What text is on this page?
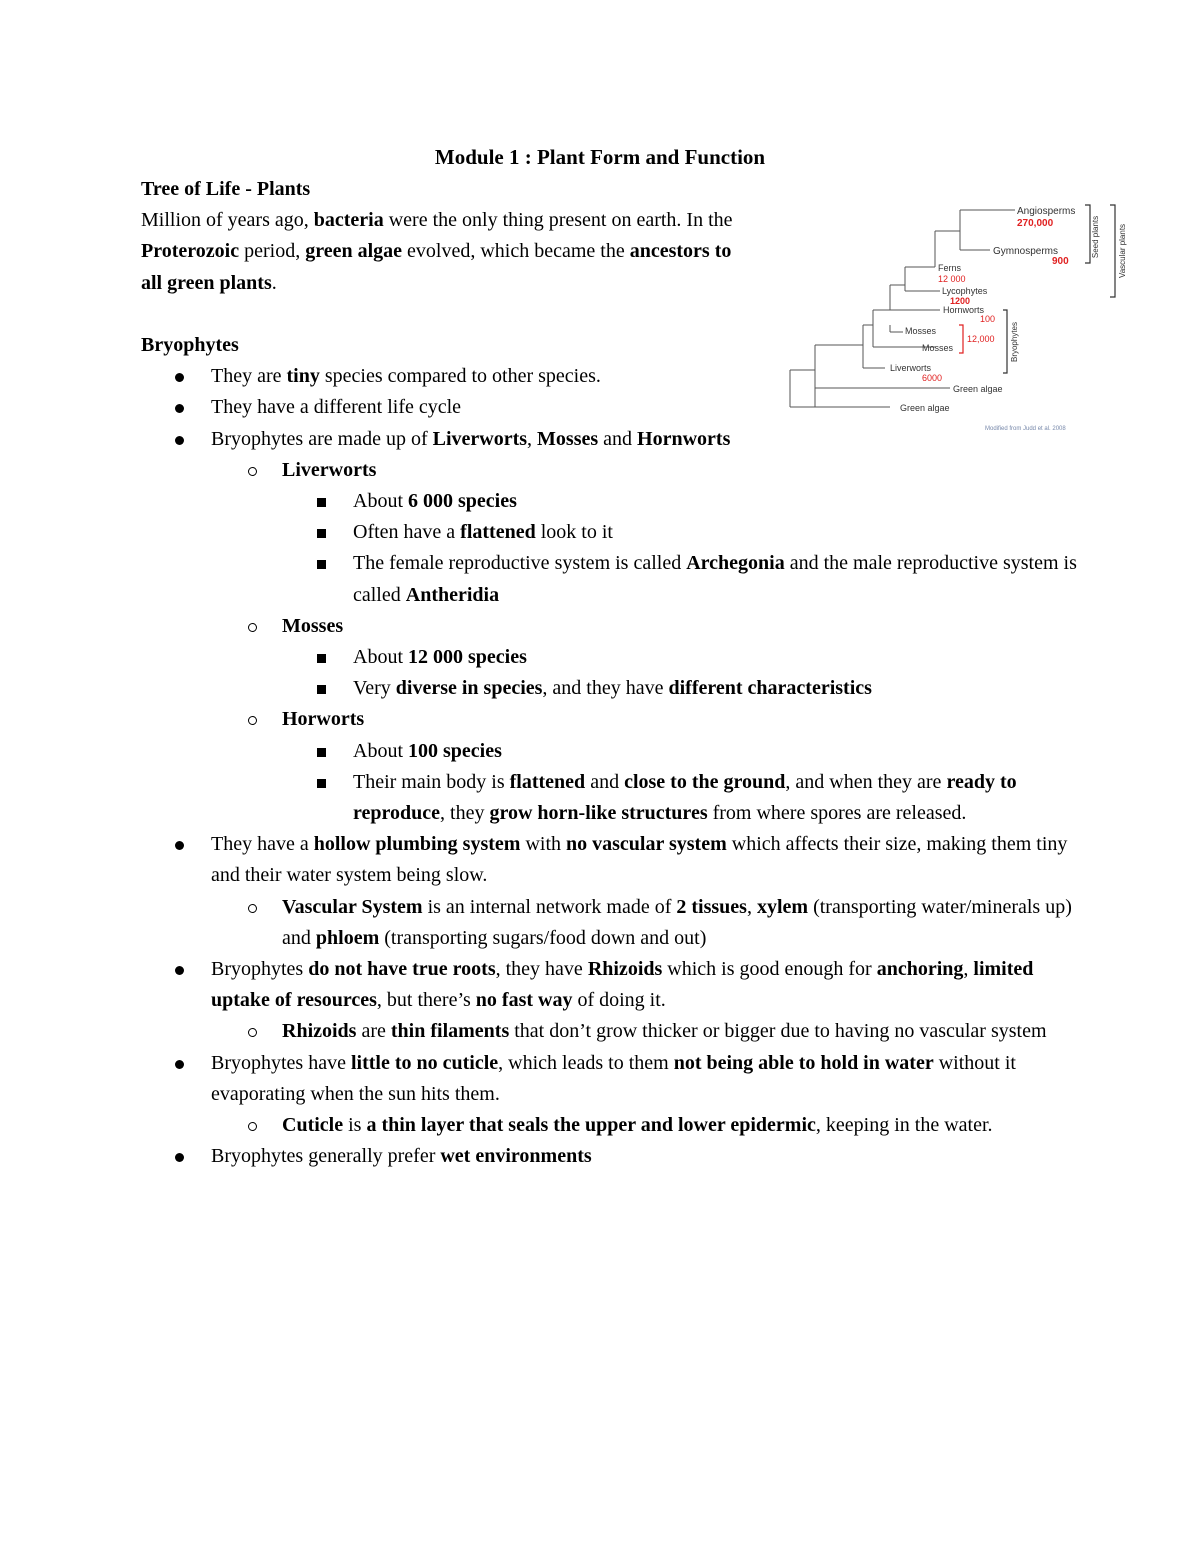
Module 1 : Plant Form and Function
Tree of Life - Plants
Million of years ago, bacteria were the only thing present on earth. In the Proterozoic period, green algae evolved, which became the ancestors to all green plants.
Bryophytes
They are tiny species compared to other species.
They have a different life cycle
Bryophytes are made up of Liverworts, Mosses and Hornworts
Liverworts
About 6 000 species
Often have a flattened look to it
The female reproductive system is called Archegonia and the male reproductive system is called Antheridia
Mosses
About 12 000 species
Very diverse in species, and they have different characteristics
Horworts
About 100 species
Their main body is flattened and close to the ground, and when they are ready to reproduce, they grow horn-like structures from where spores are released.
They have a hollow plumbing system with no vascular system which affects their size, making them tiny and their water system being slow.
Vascular System is an internal network made of 2 tissues, xylem (transporting water/minerals up) and phloem (transporting sugars/food down and out)
Bryophytes do not have true roots, they have Rhizoids which is good enough for anchoring, limited uptake of resources, but there’s no fast way of doing it.
Rhizoids are thin filaments that don’t grow thicker or bigger due to having no vascular system
Bryophytes have little to no cuticle, which leads to them not being able to hold in water without it evaporating when the sun hits them.
Cuticle is a thin layer that seals the upper and lower epidermic, keeping in the water.
Bryophytes generally prefer wet environments
Angiosperms
270,000
Gymnosperms
900
Ferns
12 000
Lycophytes
1200
Hornworts
100
Mosses
Mosses
12,000
Liverworts
6000
Green algae
Green algae
Seed plants Vascular plants
Bryophytes
Modified from Judd et al. 2008
